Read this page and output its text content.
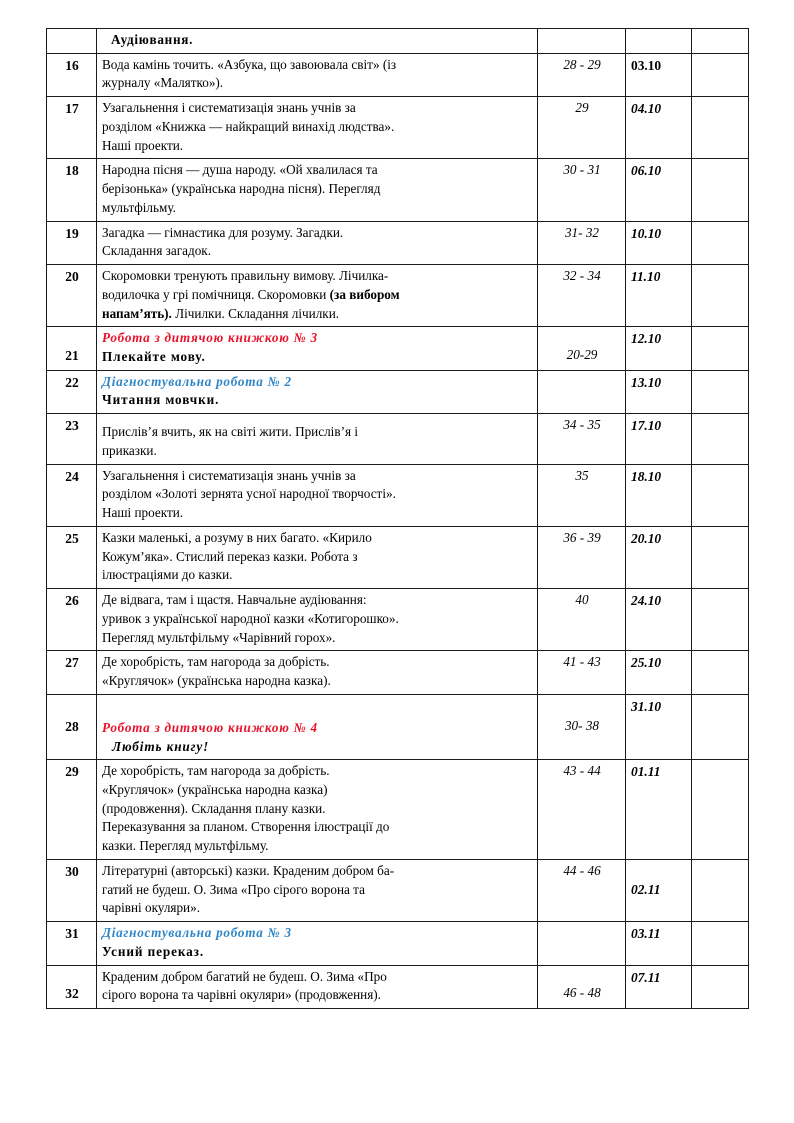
	Аудіювання.			

16	Вода камінь точить. «Азбука, що завоювала світ» (із
журналу «Малятко»).	28 - 29	03.10	
17	Узагальнення і систематизація знань учнів за
розділом «Книжка — найкращий винахід людства».
Наші проекти.	29	04.10	
18	Народна пісня — душа народу. «Ой хвалилася та
берізонька» (українська народна пісня). Перегляд
мультфільму.	30 - 31	06.10	
19	Загадка — гімнастика для розуму. Загадки.
Складання загадок.	31- 32	10.10	
20	Скоромовки тренують правильну вимову. Лічилка-
водилочка у грі помічниця. Скоромовки (за вибором
напам’ять). Лічилки. Складання лічилки.	32 - 34	11.10	
21	Робота з дитячою книжкою № 3
Плекайте мову.	20-29	12.10	
22	Діагностувальна робота № 2
Читання мовчки.		13.10	
23	Прислів’я вчить, як на світі жити. Прислів’я і
приказки.	34 - 35	17.10	
24	Узагальнення і систематизація знань учнів за
розділом «Золоті зернята усної народної творчості».
Наші проекти.	35	18.10	
25	Казки маленькі, а розуму в них багато. «Кирило
Кожум’яка». Стислий переказ казки. Робота з
ілюстраціями до казки.	36 - 39	20.10	
26	Де відвага, там і щастя. Навчальне аудіювання:
уривок з української народної казки «Котигорошко».
Перегляд мультфільму «Чарівний горох».	40	24.10	
27	Де хоробрість, там нагорода за добрість.
«Круглячок» (українська народна казка).	41 - 43	25.10	
28	Робота з дитячою книжкою № 4
Любіть книгу!	30- 38	31.10	
29	Де хоробрість, там нагорода за добрість.
«Круглячок» (українська народна казка)
(продовження). Складання плану казки.
Переказування за планом. Створення ілюстрації до
казки. Перегляд мультфільму.	43 - 44	01.11	
30	Літературні (авторські) казки. Краденим добром ба-
гатий не будеш. О. Зима «Про сірого ворона та
чарівні окуляри».	44 - 46	02.11	
31	Діагностувальна робота № 3
Усний переказ.		03.11	
32	Краденим добром багатий не будеш. О. Зима «Про
сірого ворона та чарівні окуляри» (продовження).	46 - 48	07.11	
